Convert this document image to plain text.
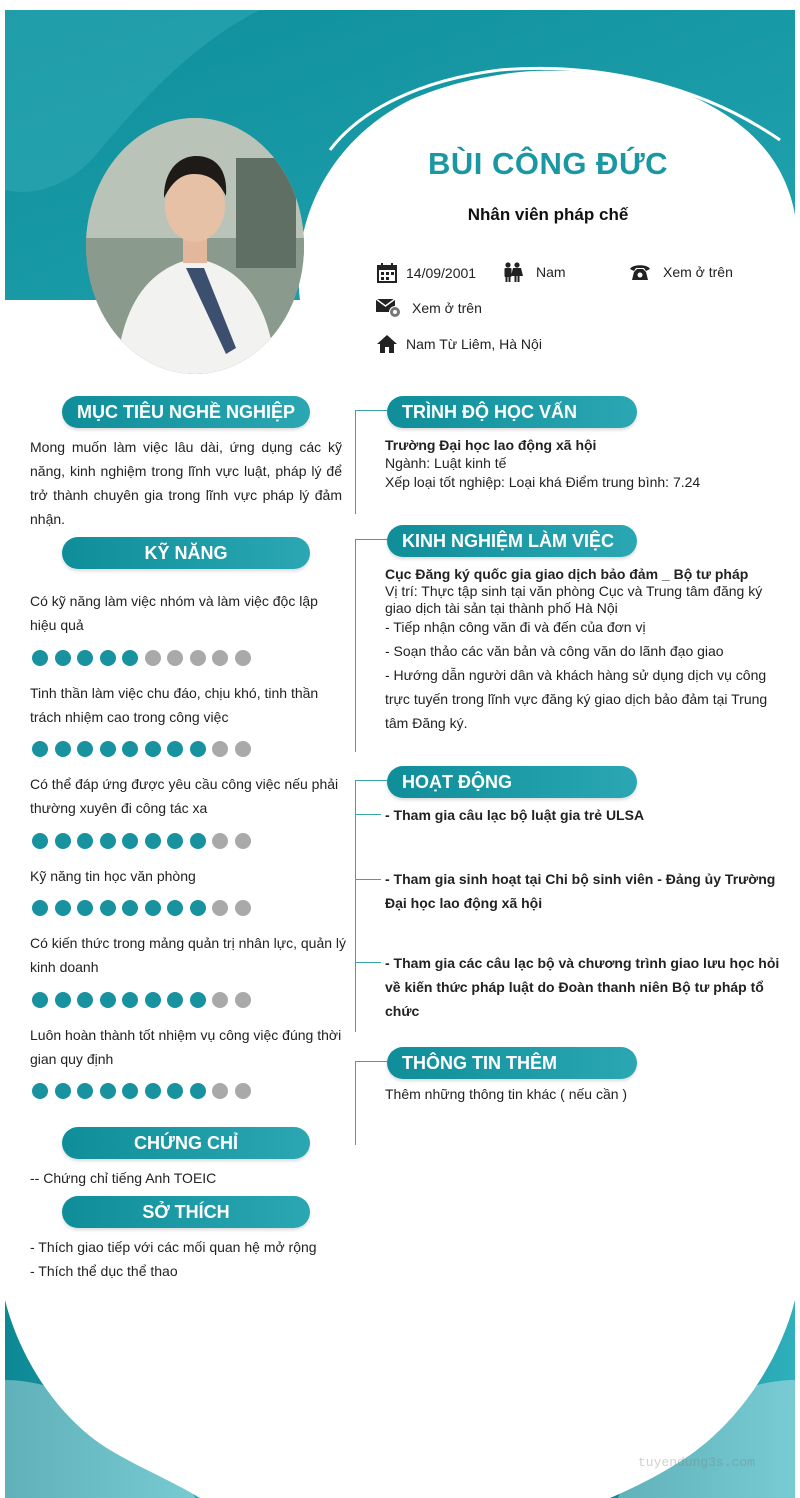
BÙI CÔNG ĐỨC
Nhân viên pháp chế
14/09/2001	Nam	Xem ở trên
Xem ở trên
Nam Từ Liêm, Hà Nội
MỤC TIÊU NGHỀ NGHIỆP
Mong muốn làm việc lâu dài, ứng dụng các kỹ năng, kinh nghiệm trong lĩnh vực luật, pháp lý để trở thành chuyên gia trong lĩnh vực pháp lý đảm nhận.
KỸ NĂNG
Có kỹ năng làm việc nhóm và làm việc độc lập hiệu quả
Tinh thần làm việc chu đáo, chịu khó, tinh thần trách nhiệm cao trong công việc
Có thể đáp ứng được yêu cầu công việc nếu phải thường xuyên đi công tác xa
Kỹ năng tin học văn phòng
Có kiến thức trong mảng quản trị nhân lực, quản lý kinh doanh
Luôn hoàn thành tốt nhiệm vụ công việc đúng thời gian quy định
CHỨNG CHỈ
-- Chứng chỉ tiếng Anh TOEIC
SỞ THÍCH
- Thích giao tiếp với các mối quan hệ mở rộng
- Thích thể dục thể thao
TRÌNH ĐỘ HỌC VẤN
Trường Đại học lao động xã hội
Ngành: Luật kinh tế
Xếp loại tốt nghiệp: Loại khá Điểm trung bình: 7.24
KINH NGHIỆM LÀM VIỆC
Cục Đăng ký quốc gia giao dịch bảo đảm _ Bộ tư pháp
Vị trí: Thực tập sinh tại văn phòng Cục và Trung tâm đăng ký giao dịch tài sản tại thành phố Hà Nội
- Tiếp nhận công văn đi và đến của đơn vị
- Soạn thảo các văn bản và công văn do lãnh đạo giao
- Hướng dẫn người dân và khách hàng sử dụng dịch vụ công trực tuyến trong lĩnh vực đăng ký giao dịch bảo đảm tại Trung tâm Đăng ký.
HOẠT ĐỘNG
- Tham gia câu lạc bộ luật gia trẻ ULSA
- Tham gia sinh hoạt tại Chi bộ sinh viên - Đảng ủy Trường Đại học lao động xã hội
- Tham gia các câu lạc bộ và chương trình giao lưu học hỏi về kiến thức pháp luật do Đoàn thanh niên Bộ tư pháp tổ chức
THÔNG TIN THÊM
Thêm những thông tin khác ( nếu cần )
tuyendung3s.com
